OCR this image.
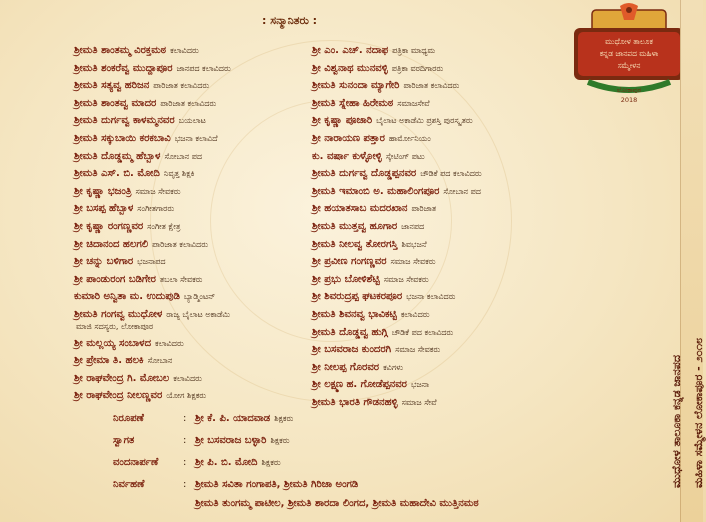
: ಸನ್ಮಾನಿತರು :
ಶ್ರೀಮತಿ ಶಾಂತಮ್ಮ ವಿರಕ್ತಮಠ ಕಲಾವಿದರು
ಶ್ರೀಮತಿ ಶಂಕರೆವ್ವ ಮುದ್ದಾಪೂರ ಜಾನಪದ ಕಲಾವಿದರು
ಶ್ರೀಮತಿ ಸತ್ಯವ್ವ ಹರಿಜನ ಪಾರಿಜಾತ ಕಲಾವಿದರು
ಶ್ರೀಮತಿ ಶಾಂತವ್ವ ಮಾದರ ಪಾರಿಜಾತ ಕಲಾವಿದರು
ಶ್ರೀಮತಿ ದುರ್ಗವ್ವ ಕಾಳಮ್ಮನವರ ಬಯಲಾಟ
ಶ್ರೀಮತಿ ಸಕ್ಕುಬಾಯಿ ಕರಕಬಾವಿ ಭಜನಾ ಕಲಾವಿದೆ
ಶ್ರೀಮತಿ ದೊಡ್ಡಮ್ಮ ಹೆಬ್ಬಾಳ ಸೋಬಾನ ಪದ
ಶ್ರೀಮತಿ ಎಸ್. ಬಿ. ಮೋದಿ ನಿವೃತ್ತ ಶಿಕ್ಷಕಿ
ಶ್ರೀ ಕೃಷ್ಣಾ ಭಜಂತ್ರಿ ಸಮಾಜ ಸೇವಕರು
ಶ್ರೀ ಬಸಪ್ಪ ಹೆಬ್ಬಾಳ ಸಂಗೀತಗಾರರು
ಶ್ರೀ ಕೃಷ್ಣಾ ರಂಗಣ್ಣವರ ಸಂಗೀತ ಕ್ಷೇತ್ರ
ಶ್ರೀ ಚಿದಾನಂದ ಹಲಗಲಿ ಪಾರಿಜಾತ ಕಲಾವಿದರು
ಶ್ರೀ ಚನ್ನು ಬಳಿಗಾರ ಭಜನಾಪದ
ಶ್ರೀ ಪಾಂಡುರಂಗ ಬಡಿಗೇರ ತಬಲಾ ಸೇವಕರು
ಕುಮಾರಿ ಅನ್ವಿತಾ ಮ. ಉದುಪುಡಿ ಬ್ಯಾಡ್ಮಿಂಟನ್
ಶ್ರೀಮತಿ ಗಂಗವ್ವ ಮುಧೋಳ ರಾಜ್ಯ ಬೈಲಾಟ ಅಕಾಡೆಮಿ
ಮಾಜಿ ಸದಸ್ಯರು, ಲೋಕಾಪೂರ
ಶ್ರೀ ಮಲ್ಲಯ್ಯ ಸಂಬಾಳದ ಕಲಾವಿದರು
ಶ್ರೀ ಪ್ರೇಮಾ ತಿ. ಹಲಕಿ ಸೋಬಾನ
ಶ್ರೀ ರಾಘವೇಂದ್ರ ಗಿ. ಮೋಬಲ ಕಲಾವಿದರು
ಶ್ರೀ ರಾಘವೇಂದ್ರ ನೀಲಣ್ಣವರ ಯೋಗ ಶಿಕ್ಷಕರು
ಶ್ರೀ ಎಂ. ಎಚ್. ನದಾಫ ಪತ್ರಿಕಾ ಮಾಧ್ಯಮ
ಶ್ರೀ ವಿಶ್ವನಾಥ ಮುನವಳ್ಳಿ ಪತ್ರಿಕಾ ವರದಿಗಾರರು
ಶ್ರೀಮತಿ ಸುನಂದಾ ಮ್ಯಾಗೇರಿ ಪಾರಿಜಾತ ಕಲಾವಿದರು
ಶ್ರೀಮತಿ ಸ್ನೇಹಾ ಹಿರೇಮಠ ಸಮಾಜಸೇವೆ
ಶ್ರೀ ಕೃಷ್ಣಾ ಪೂಜಾರಿ ಬೈಲಾಟ ಅಕಾಡೆಮಿ ಪ್ರಶಸ್ತಿ ಪುರಸ್ಕೃತರು
ಶ್ರೀ ನಾರಾಯಣ ಪತ್ತಾರ ಹಾರ್ಮೋನಿಯಂ
ಕು. ವರ್ಷಾ ಕುಳ್ಳೋಳ್ಳಿ ಸ್ಕೇಟಿಂಗ್ ಪಟು
ಶ್ರೀಮತಿ ದುರ್ಗವ್ವ ದೊಡ್ಡಪ್ಪನವರ ಚೌಡಿಕೆ ಪದ ಕಲಾವಿದರು
ಶ್ರೀಮತಿ ಇಮಾಂಬಿ ಅ. ಮಹಾಲಿಂಗಪೂರ ಸೋಬಾನ ಪದ
ಶ್ರೀ ಹಯಾತಸಾಬ ಮದರಖಾನ ಪಾರಿಜಾತ
ಶ್ರೀಮತಿ ಮುತ್ತವ್ವ ಹೂಗಾರ ಜಾನಪದ
ಶ್ರೀಮತಿ ನೀಲವ್ವ ತೋರಗಸ್ತಿ ಶಿವಭಜನೆ
ಶ್ರೀ ಪ್ರವೀಣ ಗಂಗಣ್ಣವರ ಸಮಾಜ ಸೇವಕರು
ಶ್ರೀ ಪ್ರಭು ಬೋಳಿಶೆಟ್ಟಿ ಸಮಾಜ ಸೇವಕರು
ಶ್ರೀ ಶಿವರುದ್ರಪ್ಪ ಘಟಕರಪೂರ ಭಜನಾ ಕಲಾವಿದರು
ಶ್ರೀಮತಿ ಶಿವನವ್ವ ಭಾವಿಕಟ್ಟಿ ಕಲಾವಿದರು
ಶ್ರೀಮತಿ ದೊಡ್ಡವ್ವ ಹುಗ್ಗಿ ಚೌಡಿಕೆ ಪದ ಕಲಾವಿದರು
ಶ್ರೀ ಬಸವರಾಜ ಕುಂದರಗಿ ಸಮಾಜ ಸೇವಕರು
ಶ್ರೀ ನೀಲಪ್ಪ ಗೊರವರ ಕವಿಗಳು
ಶ್ರೀ ಲಕ್ಷ್ಮಣ ಹ. ಗೋಡೆಪ್ಪನವರ ಭಜನಾ
ಶ್ರೀಮತಿ ಭಾರತಿ ಗೌಡನಹಳ್ಳಿ ಸಮಾಜ ಸೇವೆ
ನಿರೂಪಣೆ	: ಶ್ರೀ ಕೆ. ಪಿ. ಯಾದವಾಡ ಶಿಕ್ಷಕರು
ಸ್ವಾಗತ	: ಶ್ರೀ ಬಸವರಾಜ ಬಳ್ಳಾರಿ ಶಿಕ್ಷಕರು
ವಂದನಾರ್ಪಣೆ : ಶ್ರೀ ಪಿ. ಬಿ. ಮೋದಿ ಶಿಕ್ಷಕರು
ನಿರ್ವಹಣೆ	: ಶ್ರೀಮತಿ ಸವಿತಾ ಗಂಗಾಪತಿ, ಶ್ರೀಮತಿ ಗಿರಿಜಾ ಅಂಗಡಿ
ಶ್ರೀಮತಿ ತುಂಗಮ್ಮ ಪಾಟೀಲ, ಶ್ರೀಮತಿ ಶಾರದಾ ಲಿಂಗದ, ಶ್ರೀಮತಿ ಮಹಾದೇವಿ ಮುತ್ತಿನಮಠ
ಮುಧೋಳ ತಾಲೂಕ
ಕನ್ನಡ ಜಾನಪದ ಮಹಿಳಾ
ಸಮ್ಮೇಳನ
ಲೋಕಾಪುರ
2018
ಮುಧೋಳ ತಾಲೂಕಾ ಕನ್ನಡ ಜಾನಪದ ಮಹಿಳಾ ಸಮ್ಮೇಳನ ಲೋಕಾಪೂರ - ೨೦೧೮
